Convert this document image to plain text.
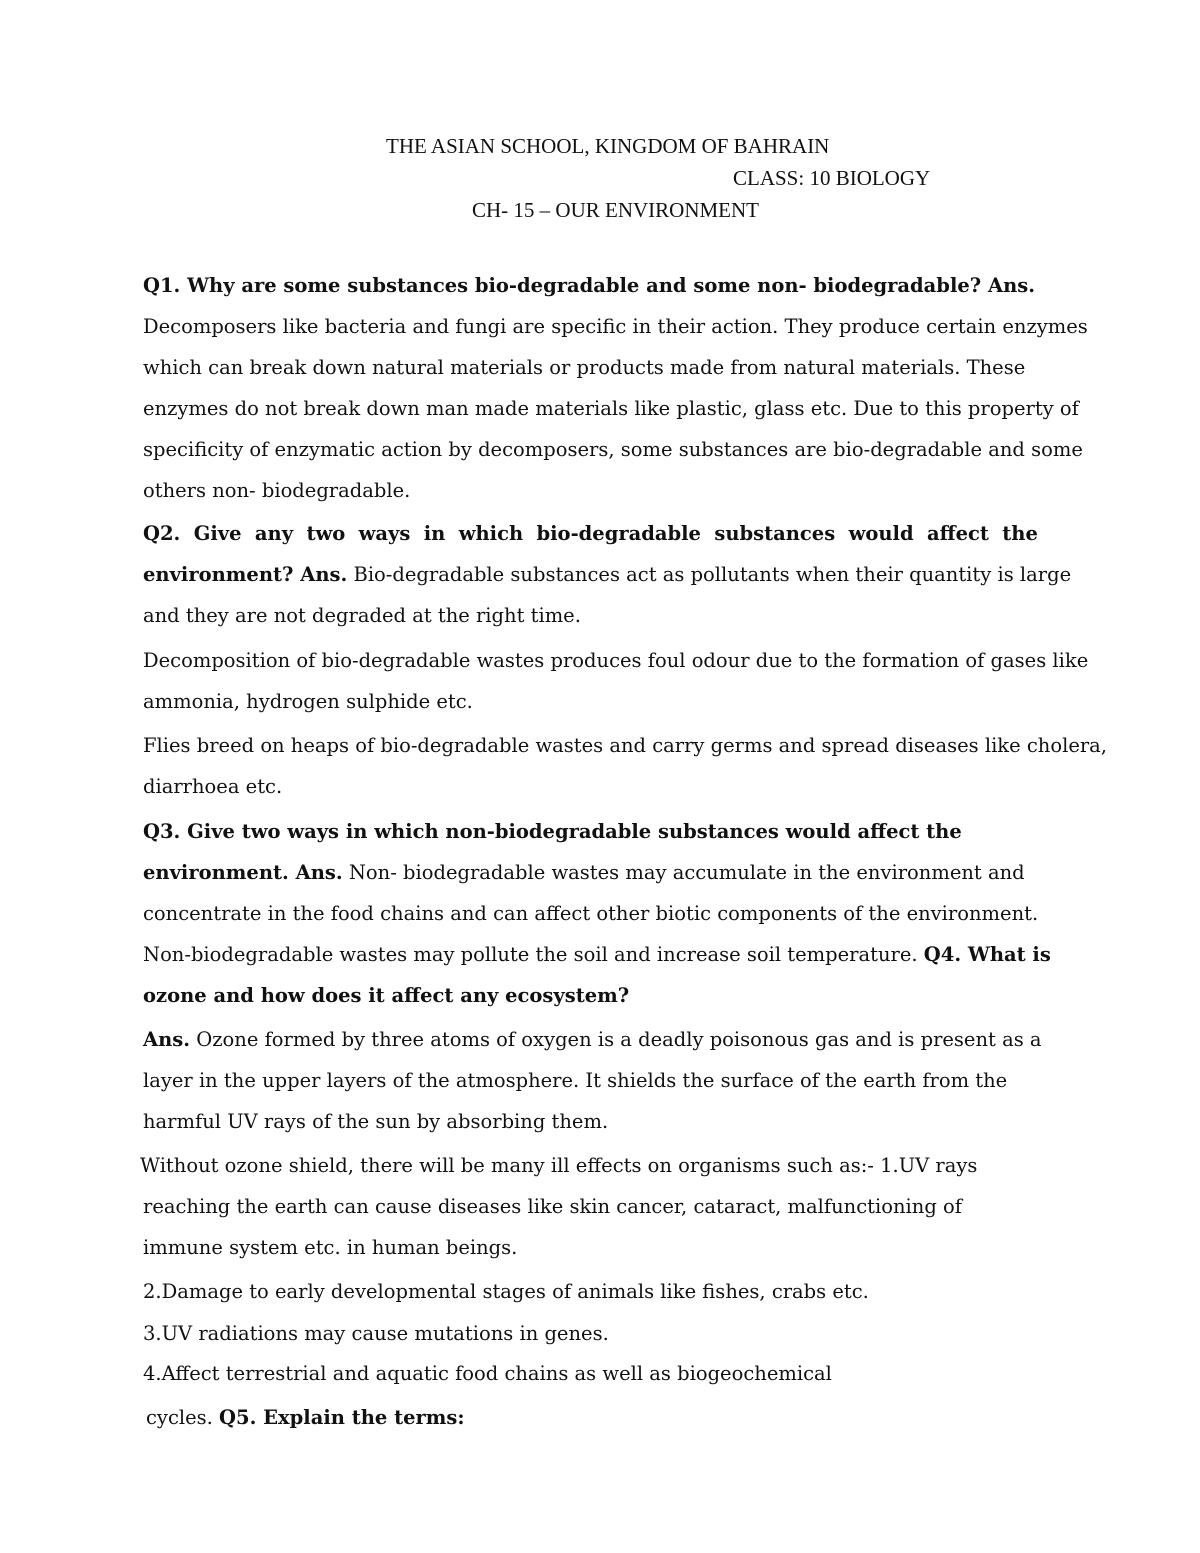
THE ASIAN SCHOOL, KINGDOM OF BAHRAIN

CLASS: 10 BIOLOGY

CH- 15 – OUR ENVIRONMENT

Q1. Why are some substances bio-degradable and some non- biodegradable? Ans.

Decomposers like bacteria and fungi are specific in their action. They produce certain enzymes

which can break down natural materials or products made from natural materials. These

enzymes do not break down man made materials like plastic, glass etc. Due to this property of

specificity of enzymatic action by decomposers, some substances are bio-degradable and some

others non- biodegradable.

Q2. Give any two ways in which bio-degradable substances would affect the

environment? Ans. Bio-degradable substances act as pollutants when their quantity is large

and they are not degraded at the right time.

Decomposition of bio-degradable wastes produces foul odour due to the formation of gases like

ammonia, hydrogen sulphide etc.

Flies breed on heaps of bio-degradable wastes and carry germs and spread diseases like cholera,

diarrhoea etc.

Q3. Give two ways in which non-biodegradable substances would affect the

environment. Ans. Non- biodegradable wastes may accumulate in the environment and

concentrate in the food chains and can affect other biotic components of the environment.

Non-biodegradable wastes may pollute the soil and increase soil temperature. Q4. What is

ozone and how does it affect any ecosystem?

Ans. Ozone formed by three atoms of oxygen is a deadly poisonous gas and is present as a

layer in the upper layers of the atmosphere. It shields the surface of the earth from the

harmful UV rays of the sun by absorbing them.

Without ozone shield, there will be many ill effects on organisms such as:- 1.UV rays

reaching the earth can cause diseases like skin cancer, cataract, malfunctioning of

immune system etc. in human beings.

2.Damage to early developmental stages of animals like fishes, crabs etc.

3.UV radiations may cause mutations in genes.

4.Affect terrestrial and aquatic food chains as well as biogeochemical

cycles. Q5. Explain the terms:
